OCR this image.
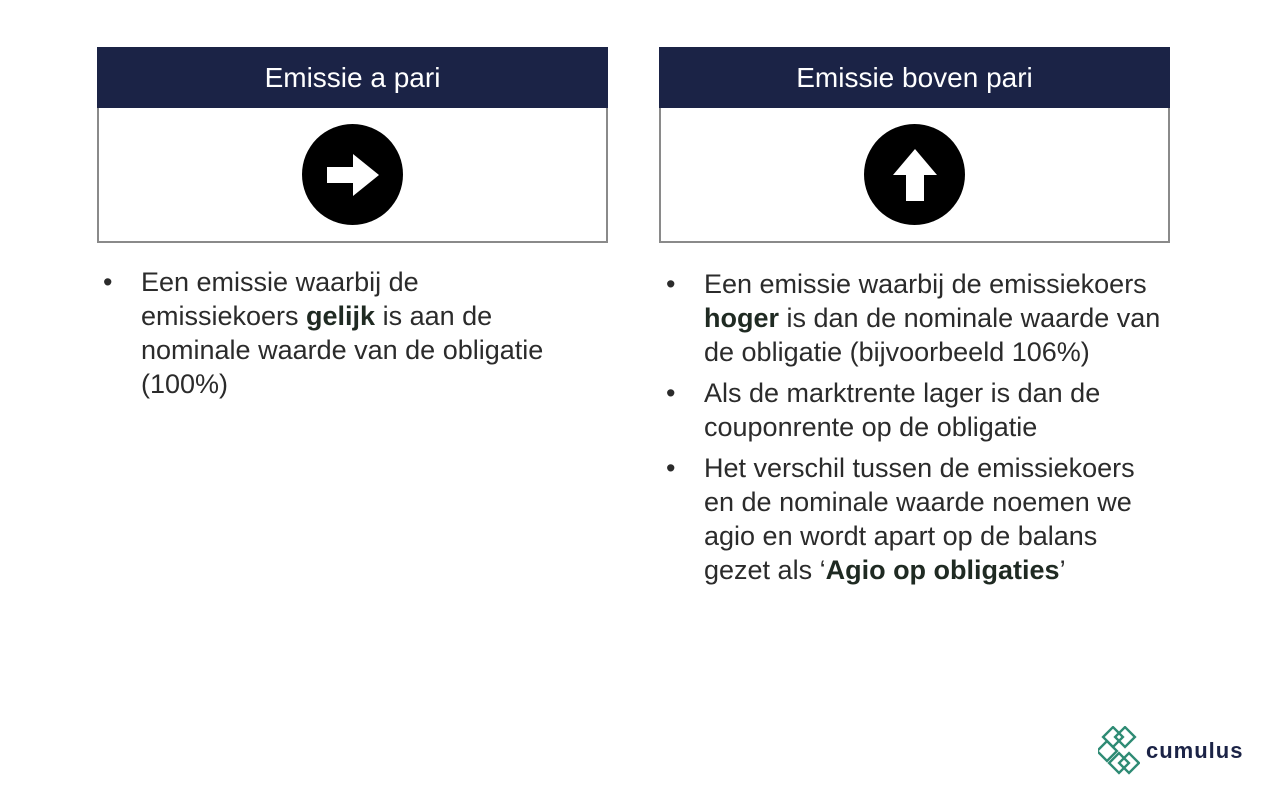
Emissie a pari	Emissie boven pari
•	Een emissie waarbij de emissiekoers gelijk is aan de nominale waarde van de obligatie (100%)
•	Een emissie waarbij de emissiekoers hoger is dan de nominale waarde van de obligatie (bijvoorbeeld 106%)
•	Als de marktrente lager is dan de couponrente op de obligatie
•	Het verschil tussen de emissiekoers en de nominale waarde noemen we agio en wordt apart op de balans gezet als ‘Agio op obligaties’
cumulus
